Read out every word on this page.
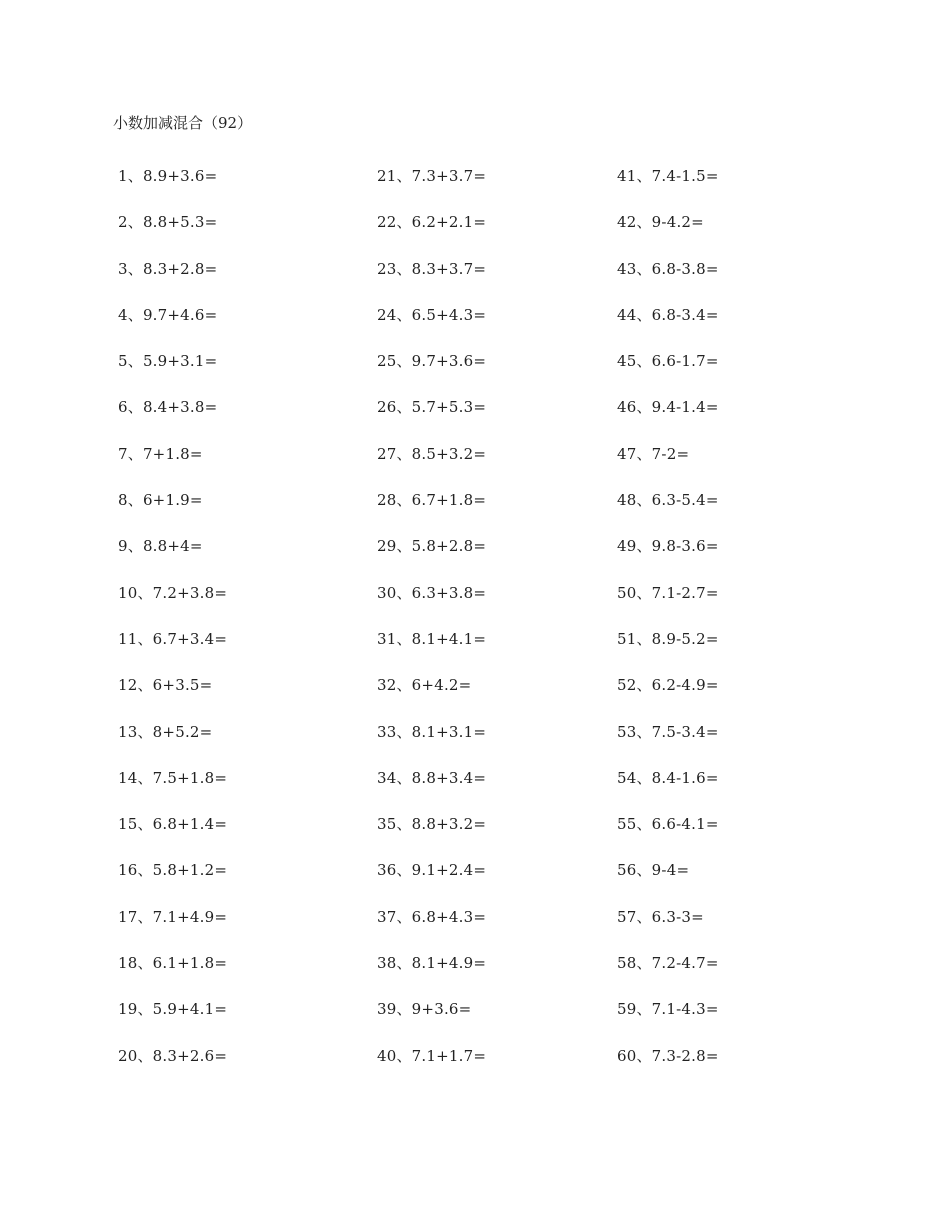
小数加减混合（92）
1、8.9+3.6=
2、8.8+5.3=
3、8.3+2.8=
4、9.7+4.6=
5、5.9+3.1=
6、8.4+3.8=
7、7+1.8=
8、6+1.9=
9、8.8+4=
10、7.2+3.8=
11、6.7+3.4=
12、6+3.5=
13、8+5.2=
14、7.5+1.8=
15、6.8+1.4=
16、5.8+1.2=
17、7.1+4.9=
18、6.1+1.8=
19、5.9+4.1=
20、8.3+2.6=
21、7.3+3.7=
22、6.2+2.1=
23、8.3+3.7=
24、6.5+4.3=
25、9.7+3.6=
26、5.7+5.3=
27、8.5+3.2=
28、6.7+1.8=
29、5.8+2.8=
30、6.3+3.8=
31、8.1+4.1=
32、6+4.2=
33、8.1+3.1=
34、8.8+3.4=
35、8.8+3.2=
36、9.1+2.4=
37、6.8+4.3=
38、8.1+4.9=
39、9+3.6=
40、7.1+1.7=
41、7.4-1.5=
42、9-4.2=
43、6.8-3.8=
44、6.8-3.4=
45、6.6-1.7=
46、9.4-1.4=
47、7-2=
48、6.3-5.4=
49、9.8-3.6=
50、7.1-2.7=
51、8.9-5.2=
52、6.2-4.9=
53、7.5-3.4=
54、8.4-1.6=
55、6.6-4.1=
56、9-4=
57、6.3-3=
58、7.2-4.7=
59、7.1-4.3=
60、7.3-2.8=
